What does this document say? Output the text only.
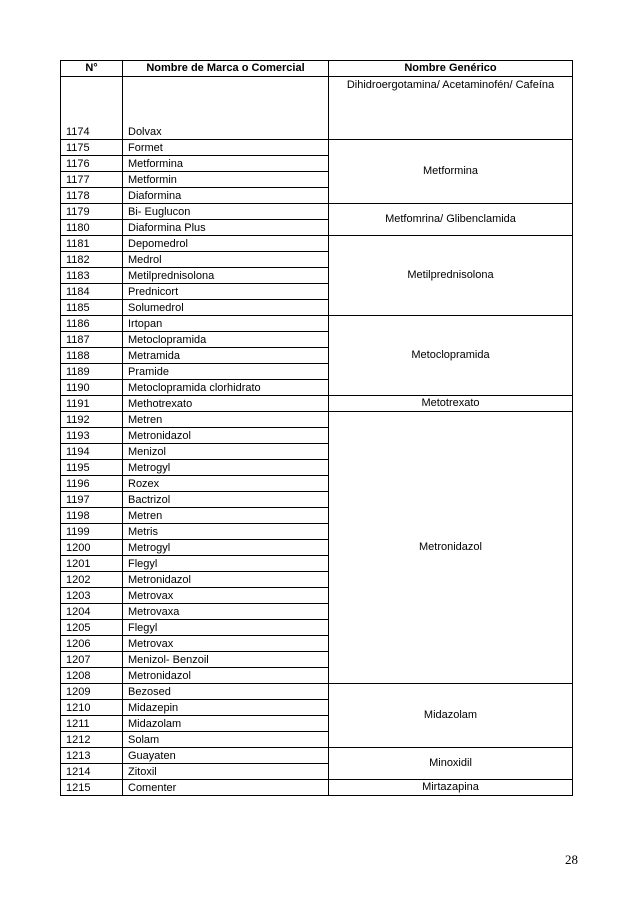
N°	Nombre de Marca o Comercial	Nombre Genérico
1174	Dolvax	Dihidroergotamina/ Acetaminofén/ Cafeína
1175	Formet	Metformina
1176	Metformina	
1177	Metformin	
1178	Diaformina	
1179	Bi- Euglucon	Metfomrina/ Glibenclamida
1180	Diaformina Plus	
1181	Depomedrol	Metilprednisolona
1182	Medrol	
1183	Metilprednisolona	
1184	Prednicort	
1185	Solumedrol	
1186	Irtopan	Metoclopramida
1187	Metoclopramida	
1188	Metramida	
1189	Pramide	
1190	Metoclopramida clorhidrato	
1191	Methotrexato	Metotrexato
1192	Metren	Metronidazol
1193	Metronidazol	
1194	Menizol	
1195	Metrogyl	
1196	Rozex	
1197	Bactrizol	
1198	Metren	
1199	Metris	
1200	Metrogyl	
1201	Flegyl	
1202	Metronidazol	
1203	Metrovax	
1204	Metrovaxa	
1205	Flegyl	
1206	Metrovax	
1207	Menizol- Benzoil	
1208	Metronidazol	
1209	Bezosed	Midazolam
1210	Midazepin	
1211	Midazolam	
1212	Solam	
1213	Guayaten	Minoxidil
1214	Zitoxil	
1215	Comenter	Mirtazapina
28
